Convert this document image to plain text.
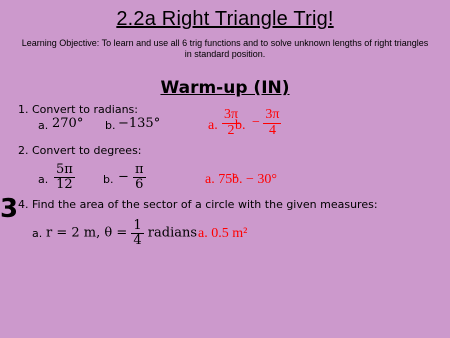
2.2a Right Triangle Trig!
Learning Objective: To learn and use all 6 trig functions and to solve unknown lengths of right triangles in standard position.
Warm-up (IN)
1. Convert to radians:
a. 270° b. −135°	a. $\frac{3\pi}{2}$
b. − $\frac{3\pi}{4}$
2. Convert to degrees:
a. $\frac{5\pi}{12}$	b. − $\frac{\pi}{6}$	a. 75°
b. − 30°
3 4. Find the area of the sector of a circle with the given measures:
a. r = 2 m, $\theta = \frac{1}{4}$ radians a. 0.5 m²
